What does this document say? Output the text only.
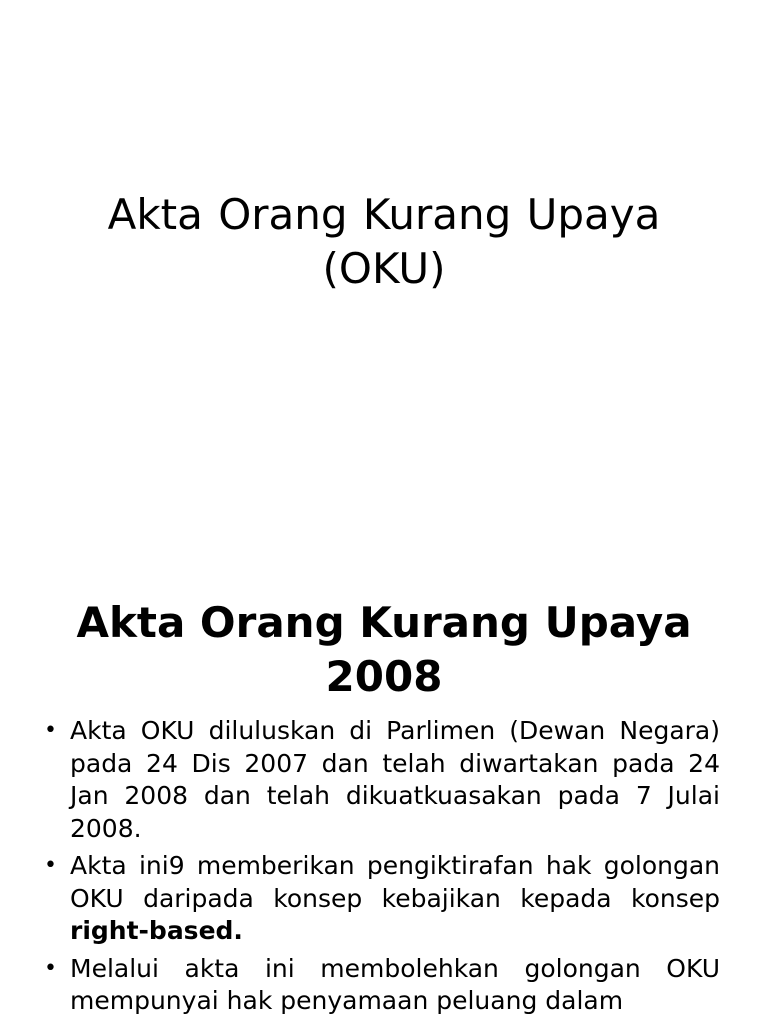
Akta Orang Kurang Upaya
(OKU)
Akta Orang Kurang Upaya
2008
• Akta OKU diluluskan di Parlimen (Dewan Negara) pada 24 Dis 2007 dan telah diwartakan pada 24 Jan 2008 dan telah dikuatkuasakan pada 7 Julai 2008.
• Akta ini9 memberikan pengiktirafan hak golongan OKU daripada konsep kebajikan kepada konsep right-based.
• Melalui akta ini membolehkan golongan OKU mempunyai hak penyamaan peluang dalam
